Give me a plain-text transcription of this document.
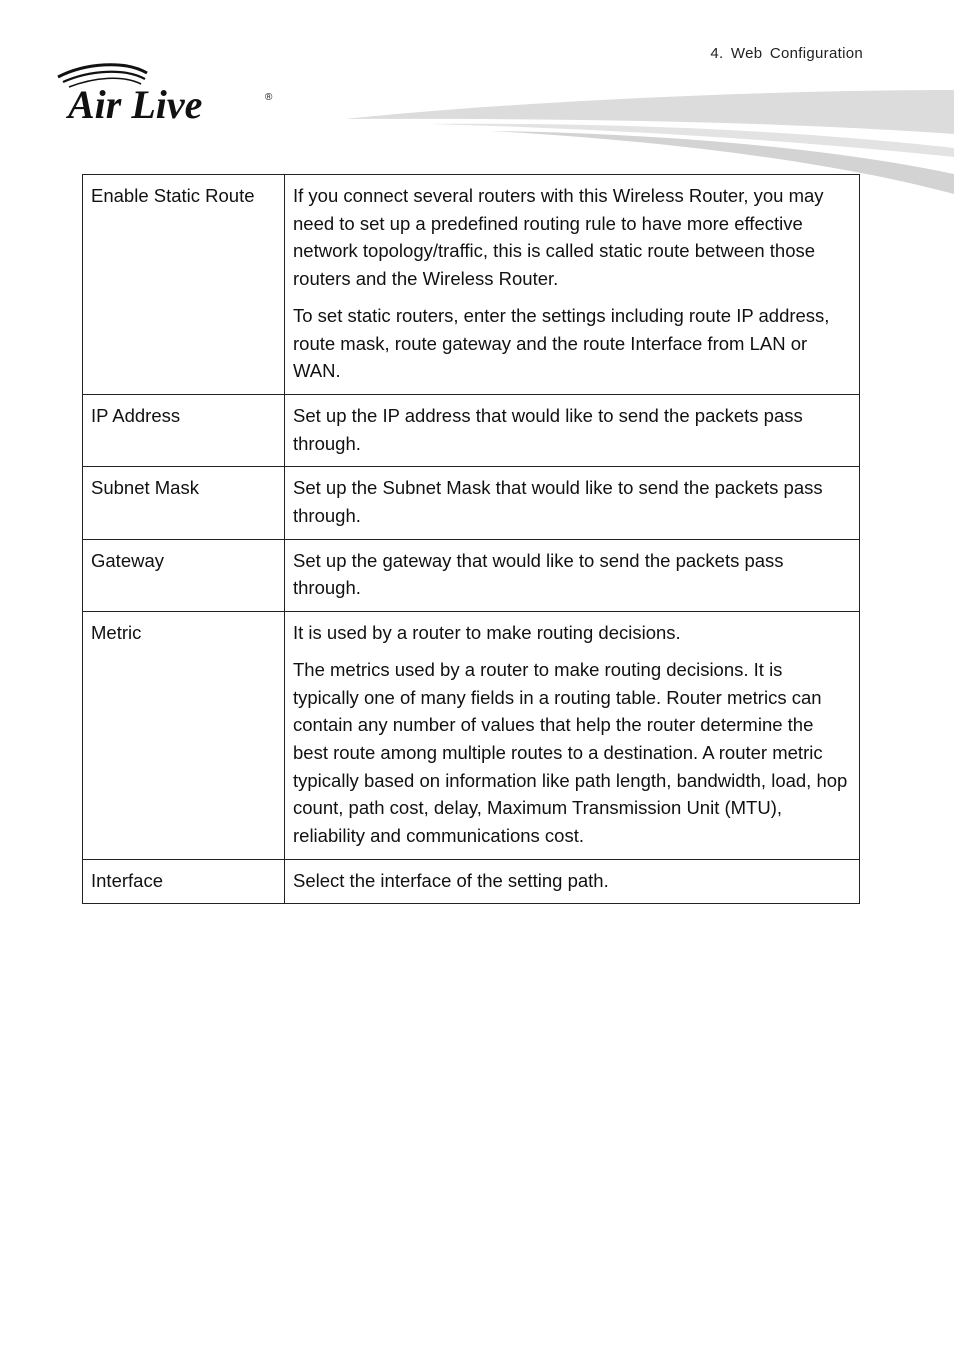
4. Web Configuration
Air Live	®
Enable Static Route	If you connect several routers with this Wireless Router, you may need to set up a predefined routing rule to have more effective network topology/traffic, this is called static route between those routers and the Wireless Router.

To set static routers, enter the settings including route IP address, route mask, route gateway and the route Interface from LAN or WAN.

IP Address	Set up the IP address that would like to send the packets pass through.

Subnet Mask	Set up the Subnet Mask that would like to send the packets pass through.

Gateway	Set up the gateway that would like to send the packets pass through.

Metric	It is used by a router to make routing decisions.

The metrics used by a router to make routing decisions. It is typically one of many fields in a routing table. Router metrics can contain any number of values that help the router determine the best route among multiple routes to a destination. A router metric typically based on information like path length, bandwidth, load, hop count, path cost, delay, Maximum Transmission Unit (MTU), reliability and communications cost.

Interface	Select the interface of the setting path.
